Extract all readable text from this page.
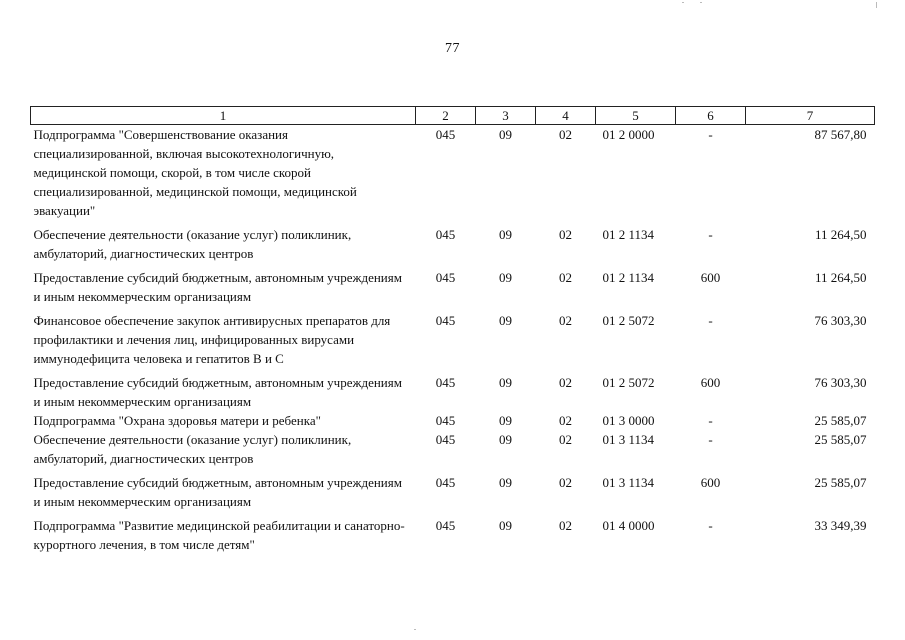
77
1	2	3	4	5	6	7
Подпрограмма "Совершенствование оказания специализированной, включая высокотехнологичную, медицинской помощи, скорой, в том числе скорой специализированной, медицинской помощи, медицинской эвакуации"	045	09	02	01 2 0000	-	87 567,80
Обеспечение деятельности (оказание услуг) поликлиник, амбулаторий, диагностических центров	045	09	02	01 2 1134	-	11 264,50
Предоставление субсидий бюджетным, автономным учреждениям и иным некоммерческим организациям	045	09	02	01 2 1134	600	11 264,50
Финансовое обеспечение закупок антивирусных препаратов для профилактики и лечения лиц, инфицированных вирусами иммунодефицита человека и гепатитов В и С	045	09	02	01 2 5072	-	76 303,30
Предоставление субсидий бюджетным, автономным учреждениям и иным некоммерческим организациям	045	09	02	01 2 5072	600	76 303,30
Подпрограмма "Охрана здоровья матери и ребенка"	045	09	02	01 3 0000	-	25 585,07
Обеспечение деятельности (оказание услуг) поликлиник, амбулаторий, диагностических центров	045	09	02	01 3 1134	-	25 585,07
Предоставление субсидий бюджетным, автономным учреждениям и иным некоммерческим организациям	045	09	02	01 3 1134	600	25 585,07
Подпрограмма "Развитие медицинской реабилитации и санаторно-курортного лечения, в том числе детям"	045	09	02	01 4 0000	-	33 349,39
